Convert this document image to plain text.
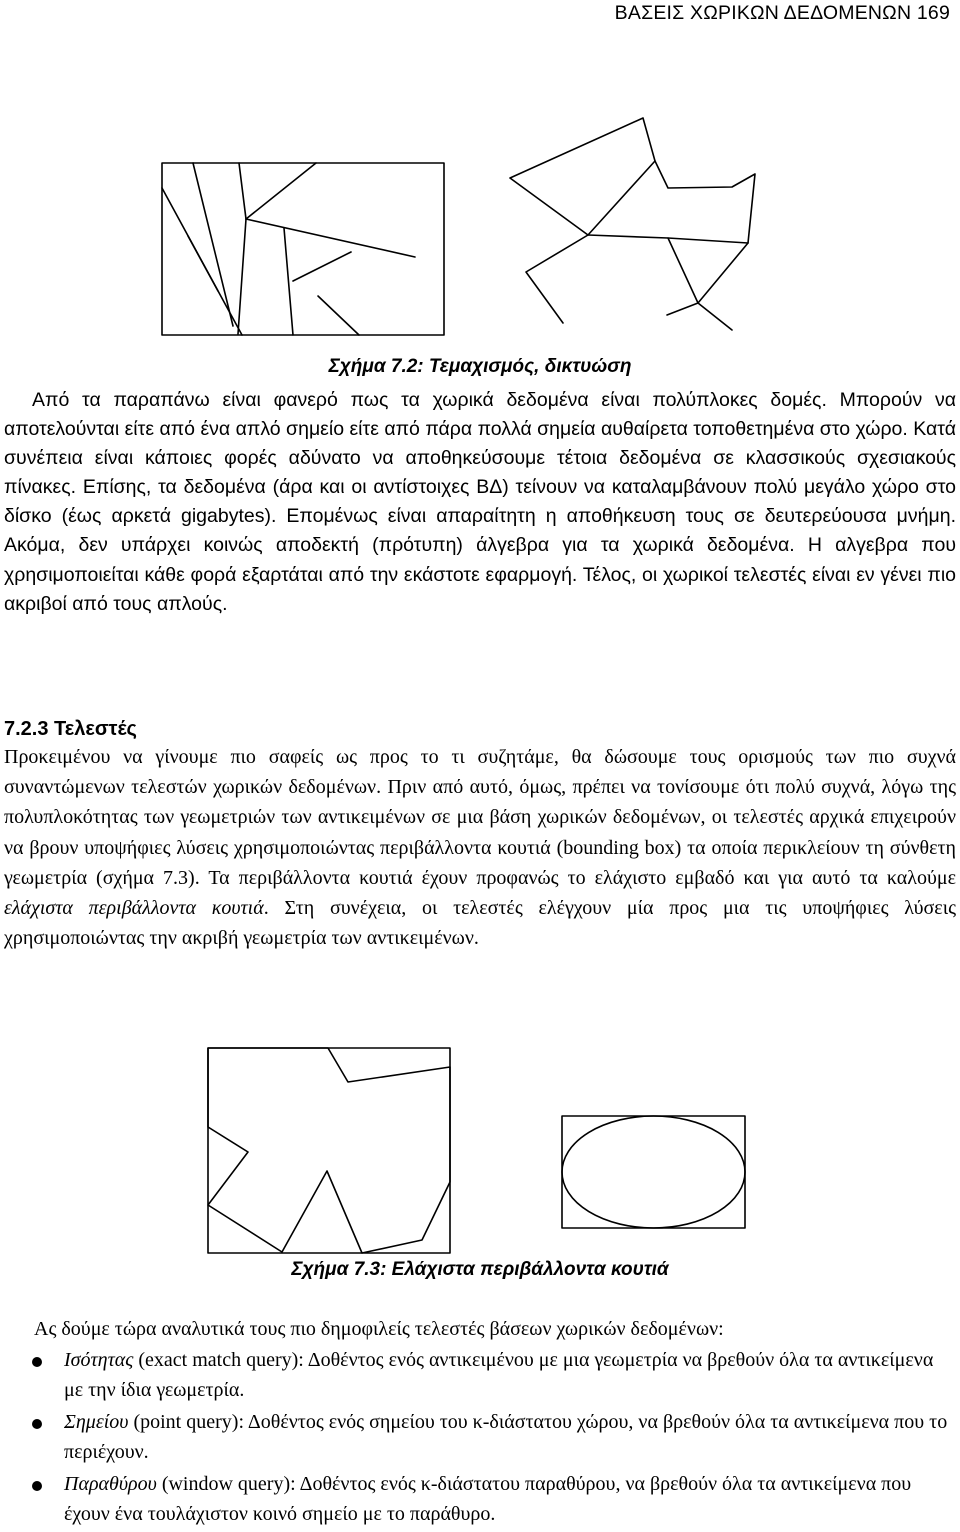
ΒΑΣΕΙΣ ΧΩΡΙΚΩΝ ΔΕΔΟΜΕΝΩΝ 169
Σχήμα 7.2: Τεμαχισμός, δικτυώση
Από τα παραπάνω είναι φανερό πως τα χωρικά δεδομένα είναι πολύπλοκες δομές. Μπορούν να αποτελούνται είτε από ένα απλό σημείο είτε από πάρα πολλά σημεία αυθαίρετα τοποθετημένα στο χώρο. Κατά συνέπεια είναι κάποιες φορές αδύνατο να αποθηκεύσουμε τέτοια δεδομένα σε κλασσικούς σχεσιακούς πίνακες. Επίσης, τα δεδομένα (άρα και οι αντίστοιχες ΒΔ) τείνουν να καταλαμβάνουν πολύ μεγάλο χώρο στο δίσκο (έως αρκετά gigabytes). Επομένως είναι απαραίτητη η αποθήκευση τους σε δευτερεύουσα μνήμη. Ακόμα, δεν υπάρχει κοινώς αποδεκτή (πρότυπη) άλγεβρα για τα χωρικά δεδομένα. Η αλγεβρα που χρησιμοποιείται κάθε φορά εξαρτάται από την εκάστοτε εφαρμογή. Τέλος, οι χωρικοί τελεστές είναι εν γένει πιο ακριβοί από τους απλούς.
7.2.3 Τελεστές

Προκειμένου να γίνουμε πιο σαφείς ως προς το τι συζητάμε, θα δώσουμε τους ορισμούς των πιο συχνά συναντώμενων τελεστών χωρικών δεδομένων. Πριν από αυτό, όμως, πρέπει να τονίσουμε ότι πολύ συχνά, λόγω της πολυπλοκότητας των γεωμετριών των αντικειμένων σε μια βάση χωρικών δεδομένων, οι τελεστές αρχικά επιχειρούν να βρουν υποψήφιες λύσεις χρησιμοποιώντας περιβάλλοντα κουτιά (bounding box) τα οποία περικλείουν τη σύνθετη γεωμετρία (σχήμα 7.3). Τα περιβάλλοντα κουτιά έχουν προφανώς το ελάχιστο εμβαδό και για αυτό τα καλούμε ελάχιστα περιβάλλοντα κουτιά. Στη συνέχεια, οι τελεστές ελέγχουν μία προς μια τις υποψήφιες λύσεις χρησιμοποιώντας την ακριβή γεωμετρία των αντικειμένων.

Σχήμα 7.3: Ελάχιστα περιβάλλοντα κουτιά
Ας δούμε τώρα αναλυτικά τους πιο δημοφιλείς τελεστές βάσεων χωρικών δεδομένων:
Ισότητας (exact match query): Δοθέντος ενός αντικειμένου με μια γεωμετρία να βρεθούν όλα τα αντικείμενα με την ίδια γεωμετρία.
Σημείου (point query): Δοθέντος ενός σημείου του κ-διάστατου χώρου, να βρεθούν όλα τα αντικείμενα που το περιέχουν.
Παραθύρου (window query): Δοθέντος ενός κ-διάστατου παραθύρου, να βρεθούν όλα τα αντικείμενα που έχουν ένα τουλάχιστον κοινό σημείο με το παράθυρο.
